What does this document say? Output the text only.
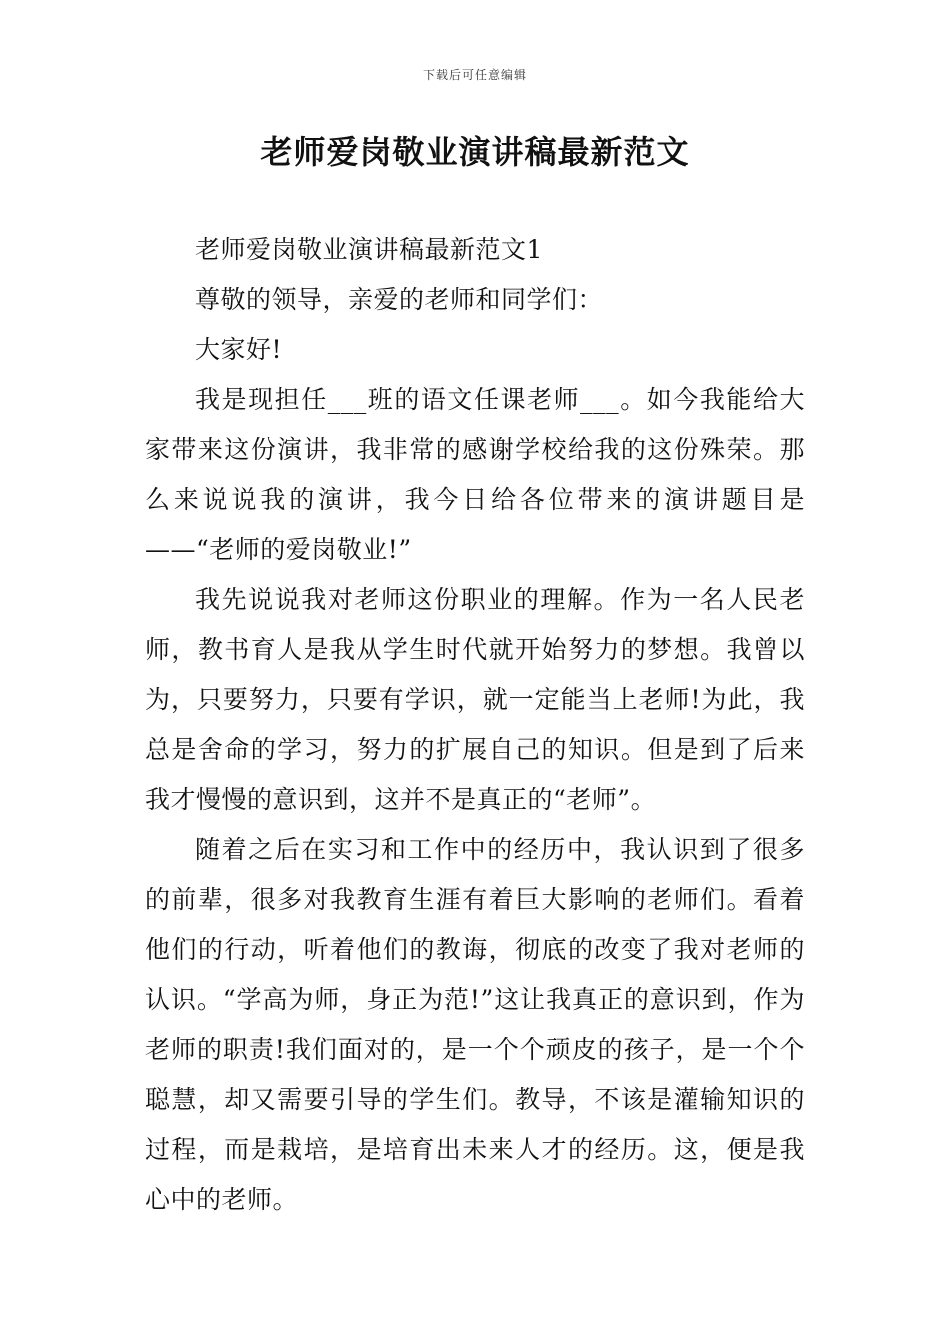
下载后可任意编辑
老师爱岗敬业演讲稿最新范文

老师爱岗敬业演讲稿最新范文1

尊敬的领导，亲爱的老师和同学们：

大家好!

我是现担任___班的语文任课老师___。如今我能给大家带来这份演讲，我非常的感谢学校给我的这份殊荣。那么来说说我的演讲，我今日给各位带来的演讲题目是——“老师的爱岗敬业!”

我先说说我对老师这份职业的理解。作为一名人民老师，教书育人是我从学生时代就开始努力的梦想。我曾以为，只要努力，只要有学识，就一定能当上老师!为此，我总是舍命的学习，努力的扩展自己的知识。但是到了后来我才慢慢的意识到，这并不是真正的“老师”。

随着之后在实习和工作中的经历中，我认识到了很多的前辈，很多对我教育生涯有着巨大影响的老师们。看着他们的行动，听着他们的教诲，彻底的改变了我对老师的认识。“学高为师，身正为范!”这让我真正的意识到，作为老师的职责!我们面对的，是一个个顽皮的孩子，是一个个聪慧，却又需要引导的学生们。教导，不该是灌输知识的过程，而是栽培，是培育出未来人才的经历。这，便是我心中的老师。
